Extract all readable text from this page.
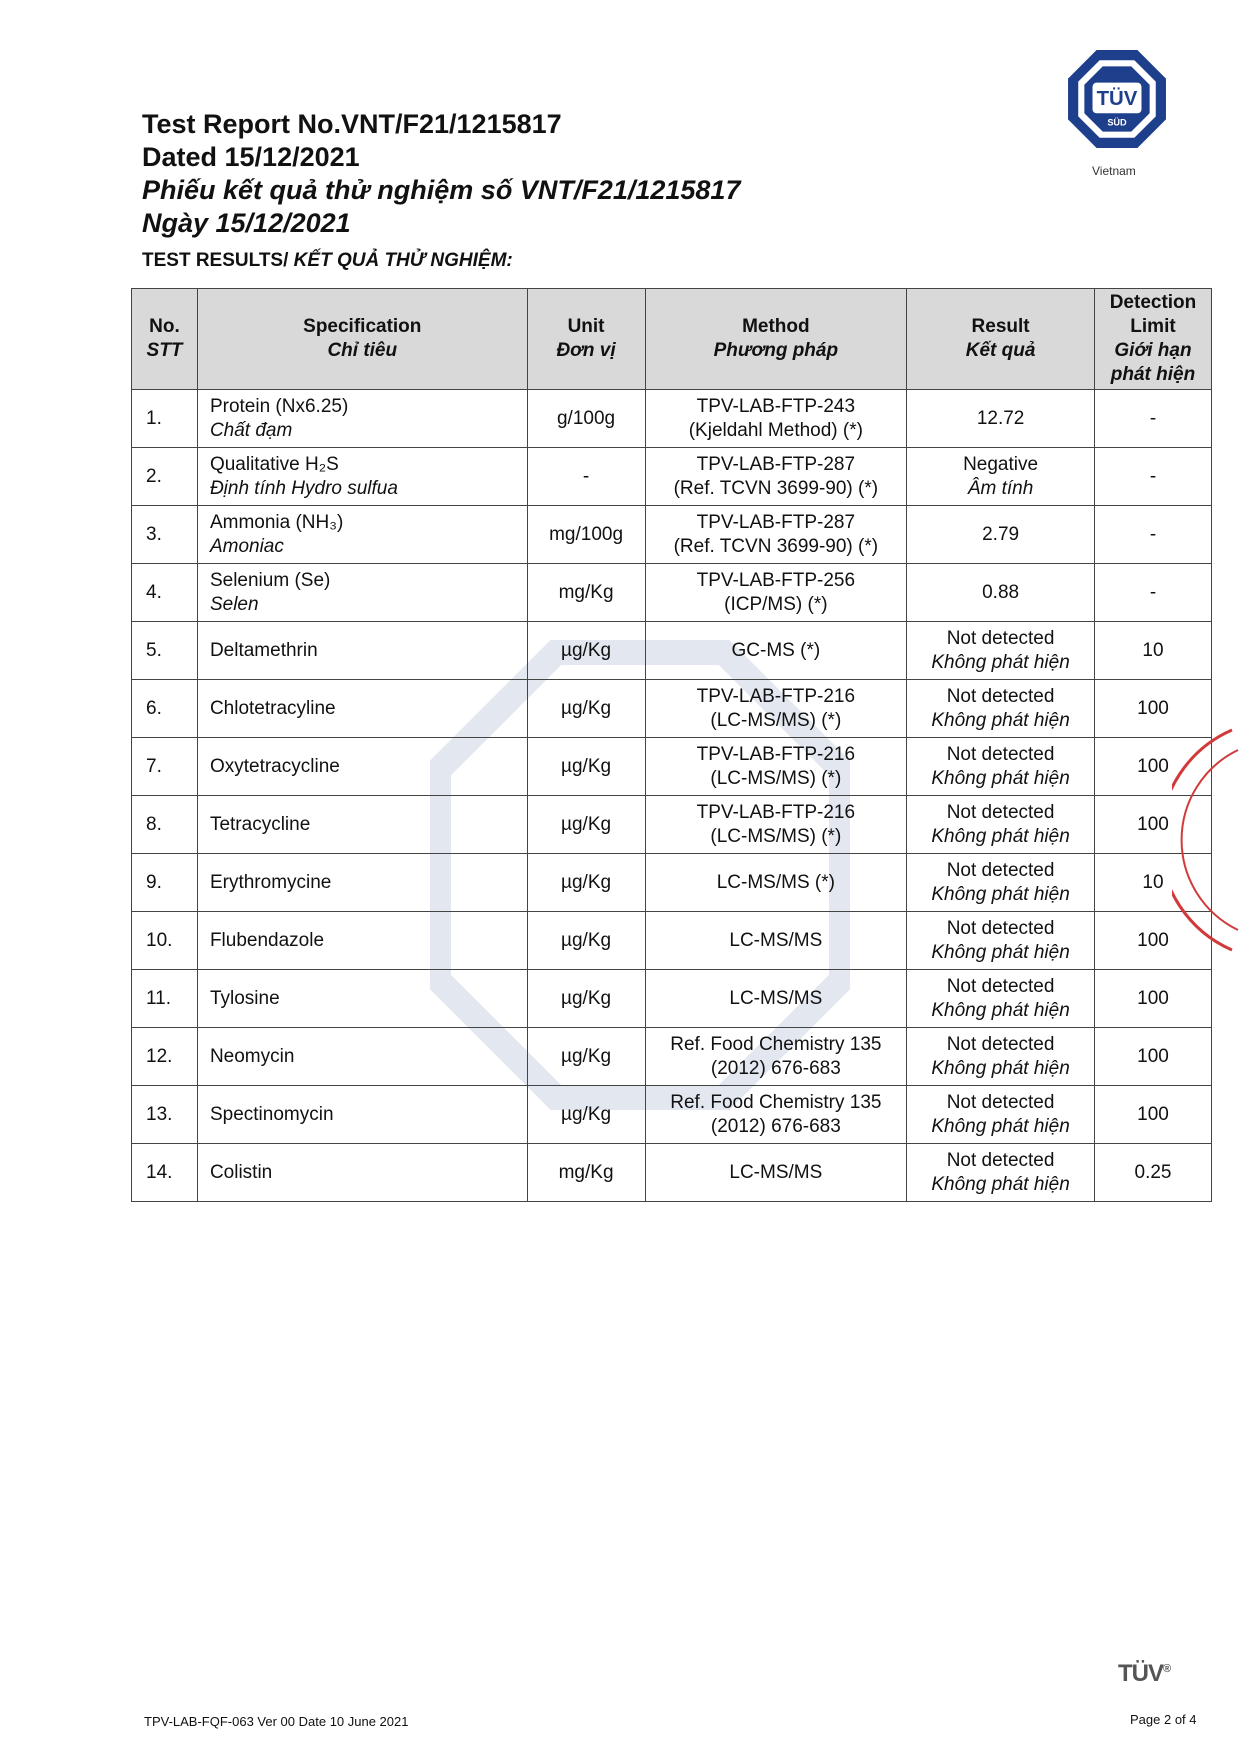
Test Report No.VNT/F21/1215817

Dated 15/12/2021

Phiếu kết quả thử nghiệm số VNT/F21/1215817

Ngày 15/12/2021

TÜV
SÜD
Vietnam
TEST RESULTS/ KẾT QUẢ THỬ NGHIỆM:
No.
STT	Specification
Chỉ tiêu	Unit
Đơn vị	Method
Phương pháp	Result
Kết quả	Detection Limit
Giới hạn phát hiện

1.	Protein (Nx6.25)
Chất đạm	g/100g	TPV-LAB-FTP-243
(Kjeldahl Method) (*)	12.72	-

2.	Qualitative H₂S
Định tính Hydro sulfua	-	TPV-LAB-FTP-287
(Ref. TCVN 3699-90) (*)	Negative
Âm tính	-

3.	Ammonia (NH₃)
Amoniac	mg/100g	TPV-LAB-FTP-287
(Ref. TCVN 3699-90) (*)	2.79	-

4.	Selenium (Se)
Selen	mg/Kg	TPV-LAB-FTP-256
(ICP/MS) (*)	0.88	-

5.	Deltamethrin	µg/Kg	GC-MS (*)	Not detected
Không phát hiện	10

6.	Chlotetracyline	µg/Kg	TPV-LAB-FTP-216
(LC-MS/MS) (*)	Not detected
Không phát hiện	100

7.	Oxytetracycline	µg/Kg	TPV-LAB-FTP-216
(LC-MS/MS) (*)	Not detected
Không phát hiện	100

8.	Tetracycline	µg/Kg	TPV-LAB-FTP-216
(LC-MS/MS) (*)	Not detected
Không phát hiện	100

9.	Erythromycine	µg/Kg	LC-MS/MS (*)	Not detected
Không phát hiện	10

10.	Flubendazole	µg/Kg	LC-MS/MS	Not detected
Không phát hiện	100

11.	Tylosine	µg/Kg	LC-MS/MS	Not detected
Không phát hiện	100

12.	Neomycin	µg/Kg	Ref. Food Chemistry 135
(2012) 676-683	Not detected
Không phát hiện	100

13.	Spectinomycin	µg/Kg	Ref. Food Chemistry 135
(2012) 676-683	Not detected
Không phát hiện	100

14.	Colistin	mg/Kg	LC-MS/MS	Not detected
Không phát hiện	0.25
TÜV®
TPV-LAB-FQF-063 Ver 00 Date 10 June 2021	Page 2 of 4
